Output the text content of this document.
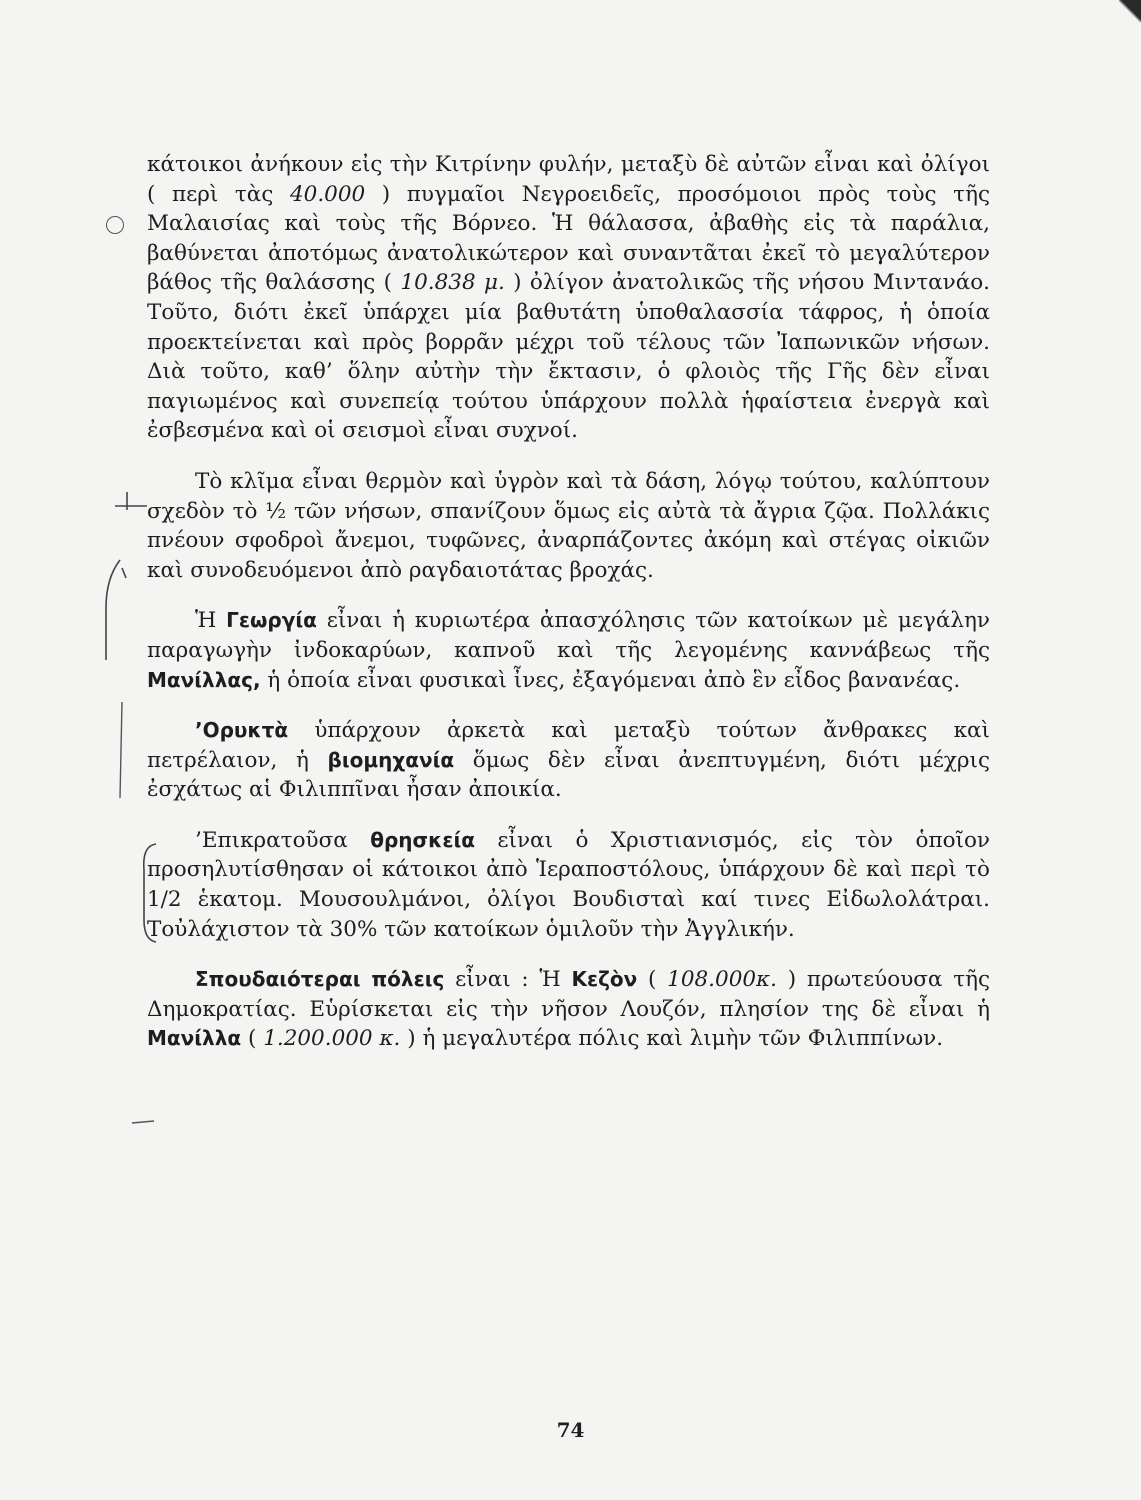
κάτοικοι ἀνήκουν εἰς τὴν Κιτρίνην φυλήν, μεταξὺ δὲ αὐτῶν εἶναι καὶ ὀλίγοι ( περὶ τὰς 40.000 ) πυγμαῖοι Νεγροειδεῖς, προσόμοιοι πρὸς τοὺς τῆς Μαλαισίας καὶ τοὺς τῆς Βόρνεο. Ἡ θάλασσα, ἀβαθὴς εἰς τὰ παράλια, βαθύνεται ἀποτόμως ἀνατολικώτερον καὶ συναντᾶται ἐκεῖ τὸ μεγαλύτερον βάθος τῆς θαλάσσης ( 10.838 μ. ) ὀλίγον ἀνατολικῶς τῆς νήσου Μιντανάο. Τοῦτο, διότι ἐκεῖ ὑπάρχει μία βαθυτάτη ὑποθαλασσία τάφρος, ἡ ὁποία προεκτείνεται καὶ πρὸς βορρᾶν μέχρι τοῦ τέλους τῶν Ἰαπωνικῶν νήσων. Διὰ τοῦτο, καθ’ ὅλην αὐτὴν τὴν ἔκτασιν, ὁ φλοιὸς τῆς Γῆς δὲν εἶναι παγιωμένος καὶ συνεπείᾳ τούτου ὑπάρχουν πολλὰ ἡφαίστεια ἐνεργὰ καὶ ἐσβεσμένα καὶ οἱ σεισμοὶ εἶναι συχνοί.

Τὸ κλῖμα εἶναι θερμὸν καὶ ὑγρὸν καὶ τὰ δάση, λόγῳ τούτου, καλύπτουν σχεδὸν τὸ ½ τῶν νήσων, σπανίζουν ὅμως εἰς αὐτὰ τὰ ἄγρια ζῷα. Πολλάκις πνέουν σφοδροὶ ἄνεμοι, τυφῶνες, ἀναρπάζοντες ἀκόμη καὶ στέγας οἰκιῶν καὶ συνοδευόμενοι ἀπὸ ραγδαιοτάτας βροχάς.

Ἡ Γεωργία εἶναι ἡ κυριωτέρα ἀπασχόλησις τῶν κατοίκων μὲ μεγάλην παραγωγὴν ἰνδοκαρύων, καπνοῦ καὶ τῆς λεγομένης καννάβεως τῆς Μανίλλας, ἡ ὁποία εἶναι φυσικαὶ ἶνες, ἐξαγόμεναι ἀπὸ ἓν εἶδος βανανέας.

’Ορυκτὰ ὑπάρχουν ἀρκετὰ καὶ μεταξὺ τούτων ἄνθρακες καὶ πετρέλαιον, ἡ βιομηχανία ὅμως δὲν εἶναι ἀνεπτυγμένη, διότι μέχρις ἐσχάτως αἱ Φιλιππῖναι ἦσαν ἀποικία.

’Επικρατοῦσα θρησκεία εἶναι ὁ Χριστιανισμός, εἰς τὸν ὁποῖον προσηλυτίσθησαν οἱ κάτοικοι ἀπὸ Ἱεραποστόλους, ὑπάρχουν δὲ καὶ περὶ τὸ 1/2 ἑκατομ. Μουσουλμάνοι, ὀλίγοι Βουδισταὶ καί τινες Εἰδωλολάτραι. Τοὐλάχιστον τὰ 30% τῶν κατοίκων ὁμιλοῦν τὴν Ἀγγλικήν.

Σπουδαιότεραι πόλεις εἶναι : Ἡ Κεζὸν ( 108.000κ. ) πρωτεύουσα τῆς Δημοκρατίας. Εὑρίσκεται εἰς τὴν νῆσον Λουζόν, πλησίον της δὲ εἶναι ἡ Μανίλλα ( 1.200.000 κ. ) ἡ μεγαλυτέρα πόλις καὶ λιμὴν τῶν Φιλιππίνων.

74
